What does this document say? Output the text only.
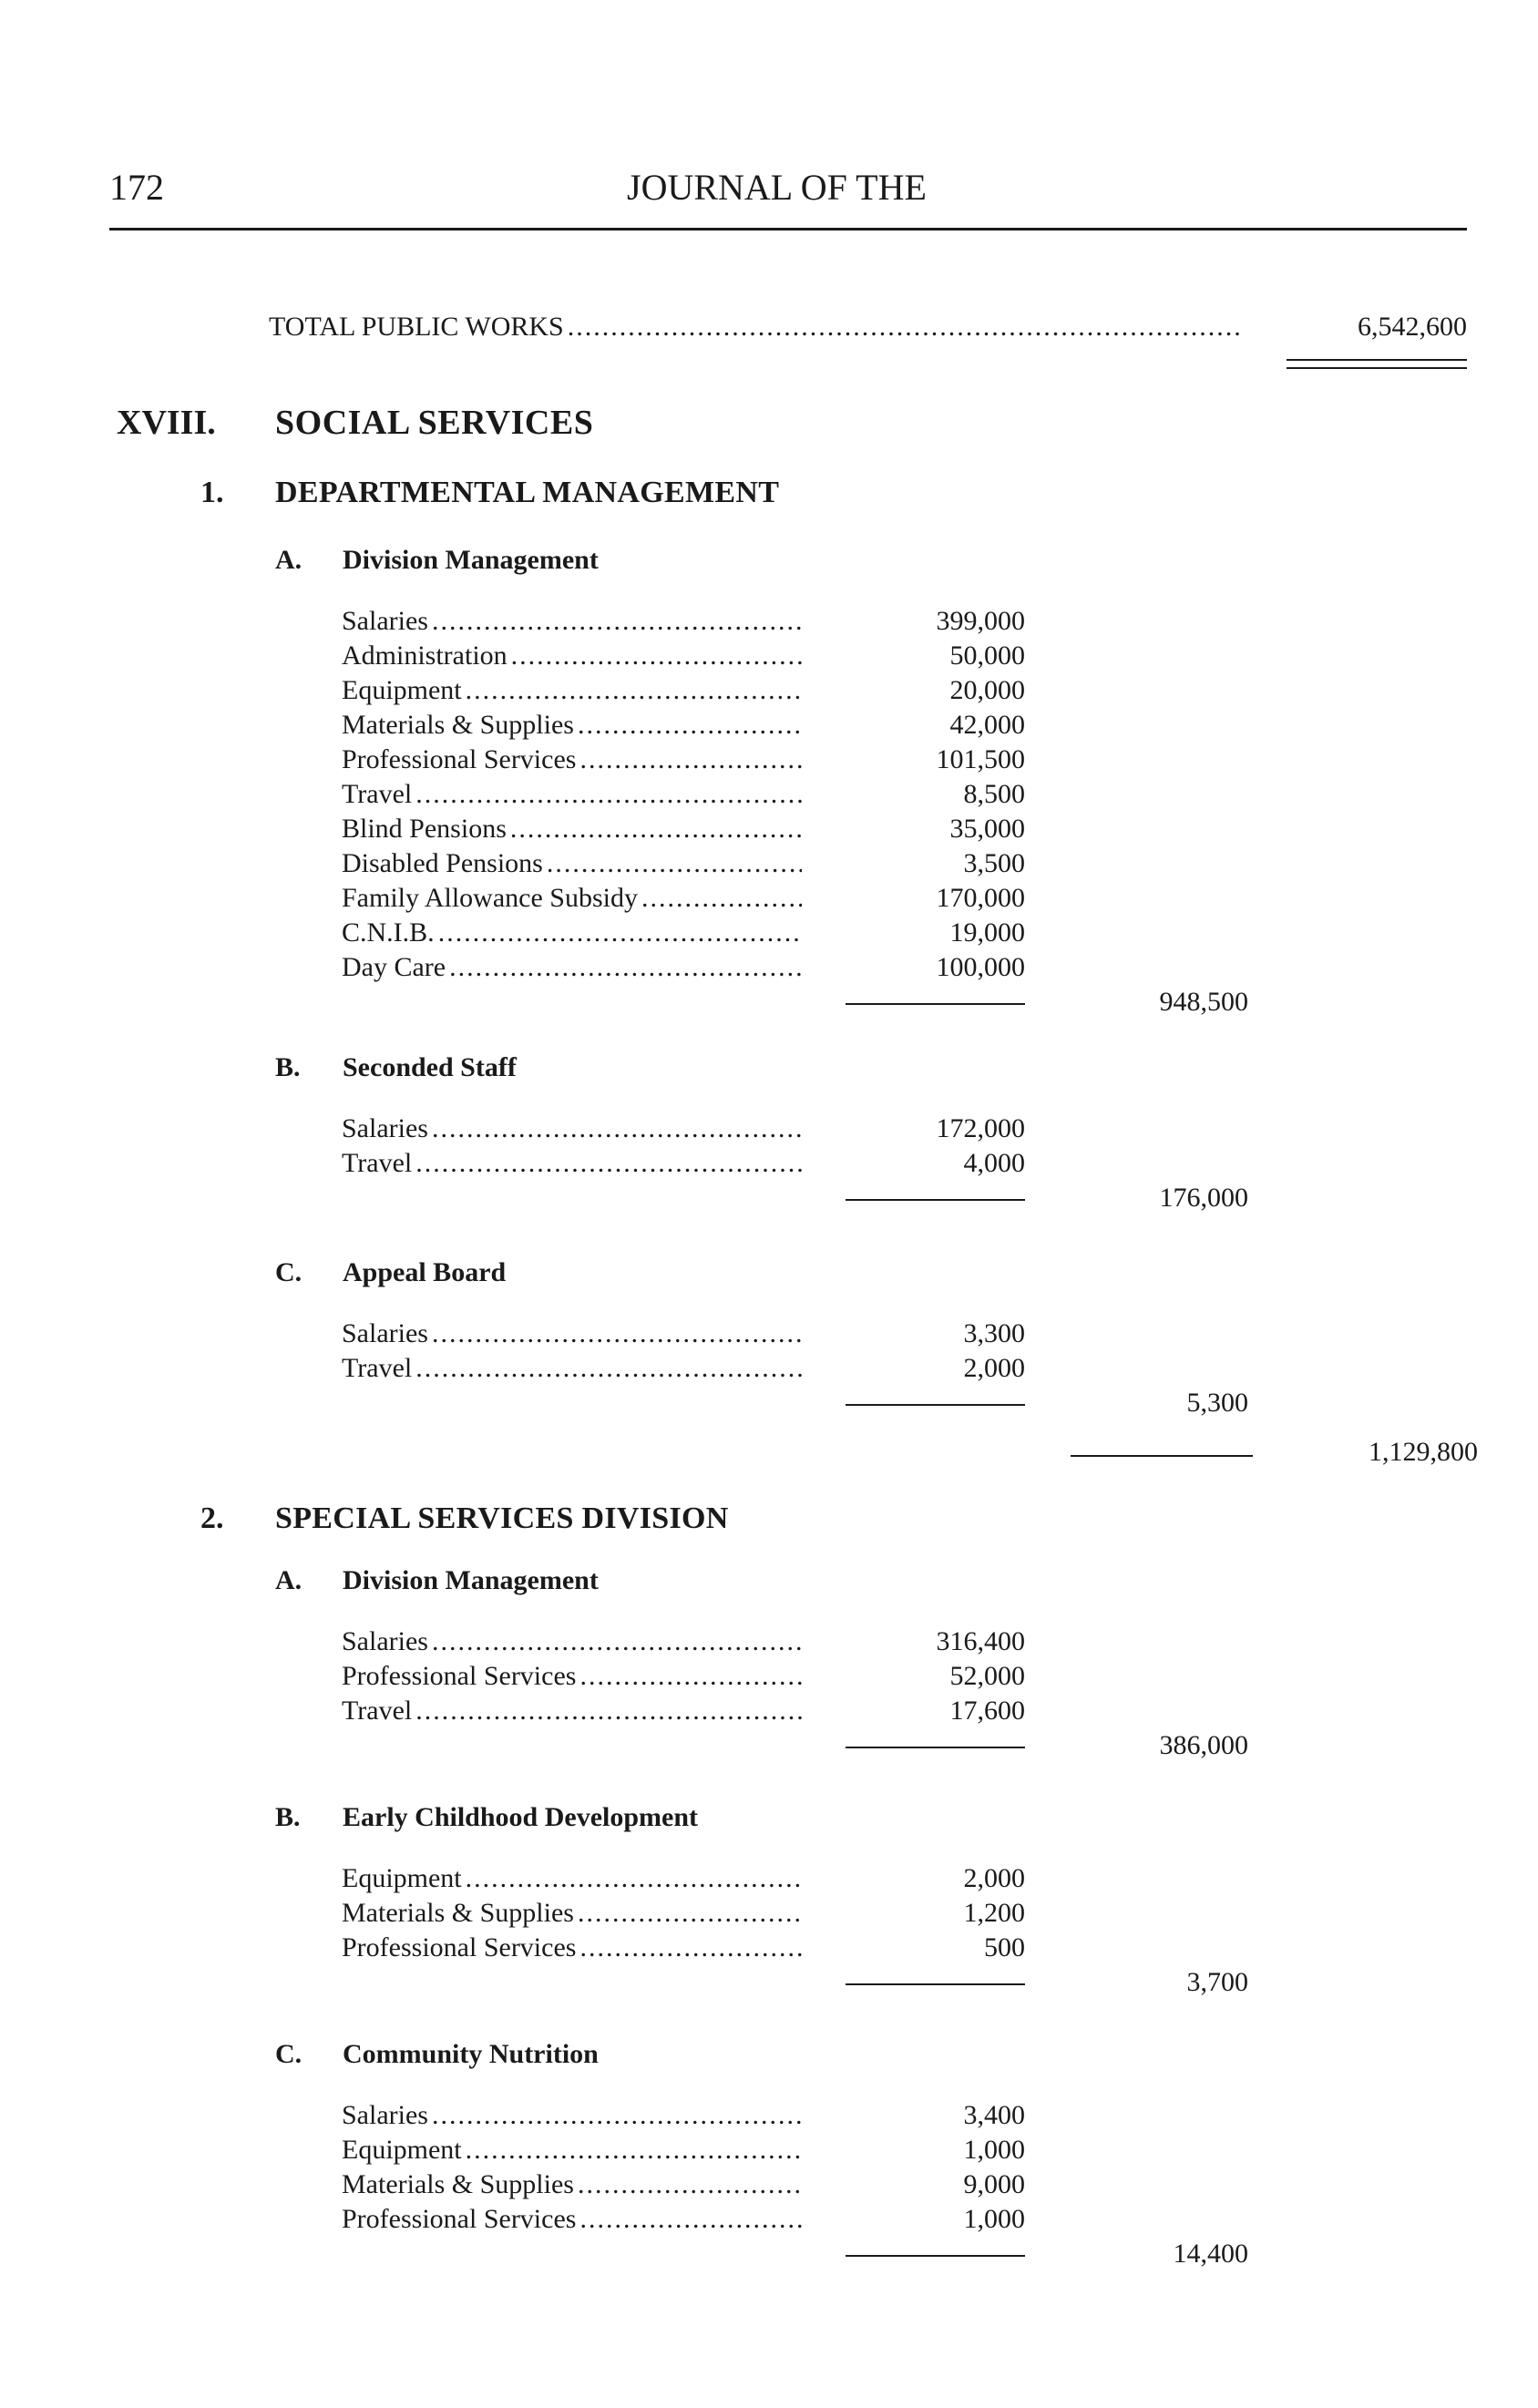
172	JOURNAL OF THE
TOTAL PUBLIC WORKS .....	6,542,600
XVIII. SOCIAL SERVICES
1. DEPARTMENTAL MANAGEMENT
A. Division Management
Salaries .....	399,000
Administration .....	50,000
Equipment .....	20,000
Materials & Supplies .....	42,000
Professional Services .....	101,500
Travel .....	8,500
Blind Pensions .....	35,000
Disabled Pensions .....	3,500
Family Allowance Subsidy .....	170,000
C.N.I.B. .....	19,000
Day Care .....	100,000
948,500
B. Seconded Staff
Salaries .....	172,000
Travel .....	4,000
176,000
C. Appeal Board
Salaries .....	3,300
Travel .....	2,000
5,300
1,129,800
2. SPECIAL SERVICES DIVISION
A. Division Management
Salaries .....	316,400
Professional Services .....	52,000
Travel .....	17,600
386,000
B. Early Childhood Development
Equipment .....	2,000
Materials & Supplies .....	1,200
Professional Services .....	500
3,700
C. Community Nutrition
Salaries .....	3,400
Equipment .....	1,000
Materials & Supplies .....	9,000
Professional Services .....	1,000
14,400
